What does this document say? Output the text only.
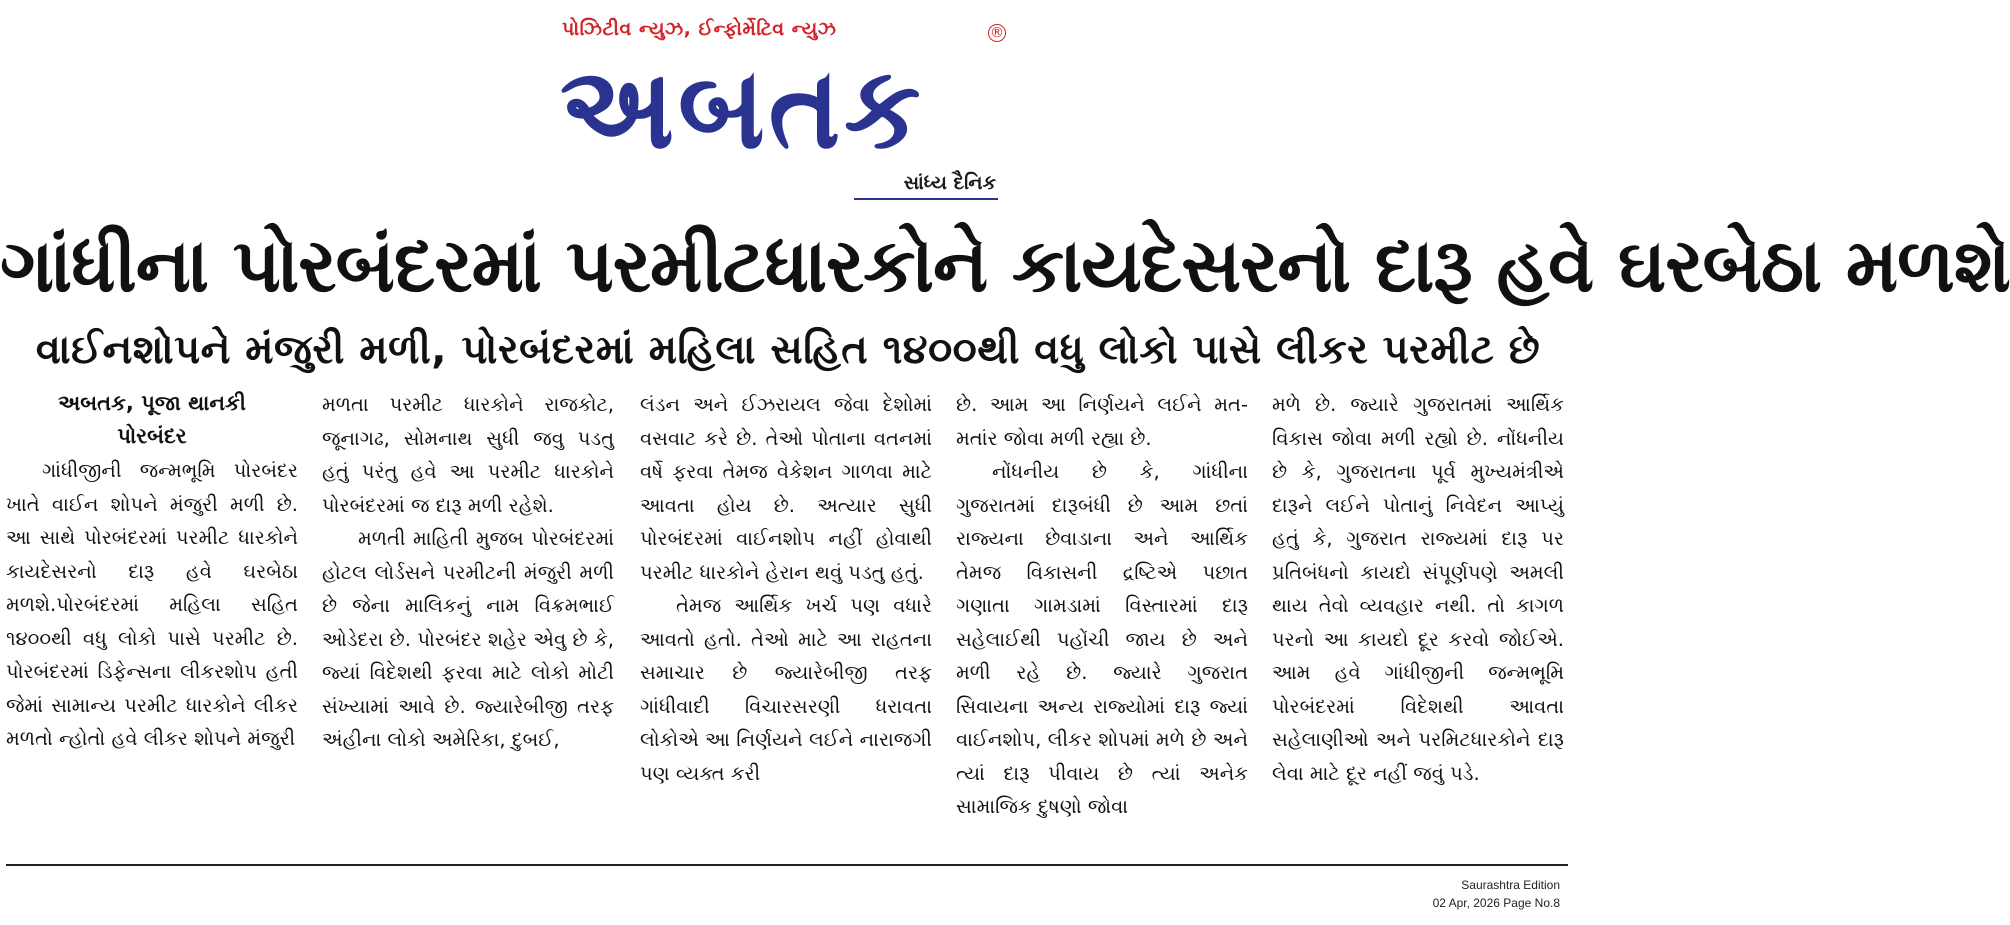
પોઝિટીવ ન્યુઝ, ઈન્ફોર્મેટિવ ન્યુઝ	®
અબતક
સાંધ્ય દૈનિક
ગાંધીના પોરબંદરમાં પરમીટધારકોને કાયદેસરનો દારૂ હવે ઘરબેઠા મળશે
વાઈનશોપને મંજુરી મળી, પોરબંદરમાં મહિલા સહિત ૧૪૦૦થી વધુ લોકો પાસે લીકર પરમીટ છે
અબતક, પૂજા થાનકી
પોરબંદર

ગાંધીજીની જન્મભૂમિ પોરબંદર ખાતે વાઈન શોપને મંજુરી મળી છે. આ સાથે પોરબંદરમાં પરમીટ ધારકોને કાયદેસરનો દારૂ હવે ઘરબેઠા મળશે.પોરબંદરમાં મહિલા સહિત ૧૪૦૦થી વધુ લોકો પાસે પરમીટ છે. પોરબંદરમાં ડિફેન્સના લીકરશોપ હતી જેમાં સામાન્ય પરમીટ ધારકોને લીકર મળતો ન્હોતો હવે લીકર શોપને મંજુરી

મળતા પરમીટ ધારકોને રાજકોટ, જૂનાગઢ, સોમનાથ સુધી જવુ પડતુ હતું પરંતુ હવે આ પરમીટ ધારકોને પોરબંદરમાં જ દારૂ મળી રહેશે.

મળતી માહિતી મુજબ પોરબંદરમાં હોટલ લોર્ડસને પરમીટની મંજુરી મળી છે જેના માલિકનું નામ વિક્રમભાઈ ઓડેદરા છે. પોરબંદર શહેર એવુ છે કે, જ્યાં વિદેશથી ફરવા માટે લોકો મોટી સંખ્યામાં આવે છે. જ્યારેબીજી તરફ અંહીના લોકો અમેરિકા, દુબઈ,

લંડન અને ઈઝરાયલ જેવા દેશોમાં વસવાટ કરે છે. તેઓ પોતાના વતનમાં વર્ષે ફરવા તેમજ વેકેશન ગાળવા માટે આવતા હોય છે. અત્યાર સુધી પોરબંદરમાં વાઈનશોપ નહીં હોવાથી પરમીટ ધારકોને હેરાન થવું પડતુ હતું.

તેમજ આર્થિક ખર્ચ પણ વધારે આવતો હતો. તેઓ માટે આ રાહતના સમાચાર છે જ્યારેબીજી તરફ ગાંધીવાદી વિચારસરણી ધરાવતા લોકોએ આ નિર્ણયને લઈને નારાજગી પણ વ્યક્ત કરી

છે. આમ આ નિર્ણયને લઈને મત-મતાંર જોવા મળી રહ્યા છે.

નોંધનીય છે કે, ગાંધીના ગુજરાતમાં દારૂબંધી છે આમ છતાં રાજ્યના છેવાડાના અને આર્થિક તેમજ વિકાસની દ્રષ્ટિએ પછાત ગણાતા ગામડામાં વિસ્તારમાં દારૂ સહેલાઈથી પહોંચી જાય છે અને મળી રહે છે. જ્યારે ગુજરાત સિવાયના અન્ય રાજ્યોમાં દારૂ જ્યાં વાઈનશોપ, લીકર શોપમાં મળે છે અને ત્યાં દારૂ પીવાય છે ત્યાં અનેક સામાજિક દુષણો જોવા

મળે છે. જ્યારે ગુજરાતમાં આર્થિક વિકાસ જોવા મળી રહ્યો છે. નોંધનીય છે કે, ગુજરાતના પૂર્વ મુખ્યમંત્રીએ દારૂને લઈને પોતાનું નિવેદન આપ્યું હતું કે, ગુજરાત રાજ્યમાં દારૂ પર પ્રતિબંધનો કાયદો સંપૂર્ણપણે અમલી થાય તેવો વ્યવહાર નથી. તો કાગળ પરનો આ કાયદો દૂર કરવો જોઈએ. આમ હવે ગાંધીજીની જન્મભૂમિ પોરબંદરમાં વિદેશથી આવતા સહેલાણીઓ અને પરમિટધારકોને દારૂ લેવા માટે દૂર નહીં જવું પડે.

Saurashtra Edition
02 Apr, 2026 Page No.8
